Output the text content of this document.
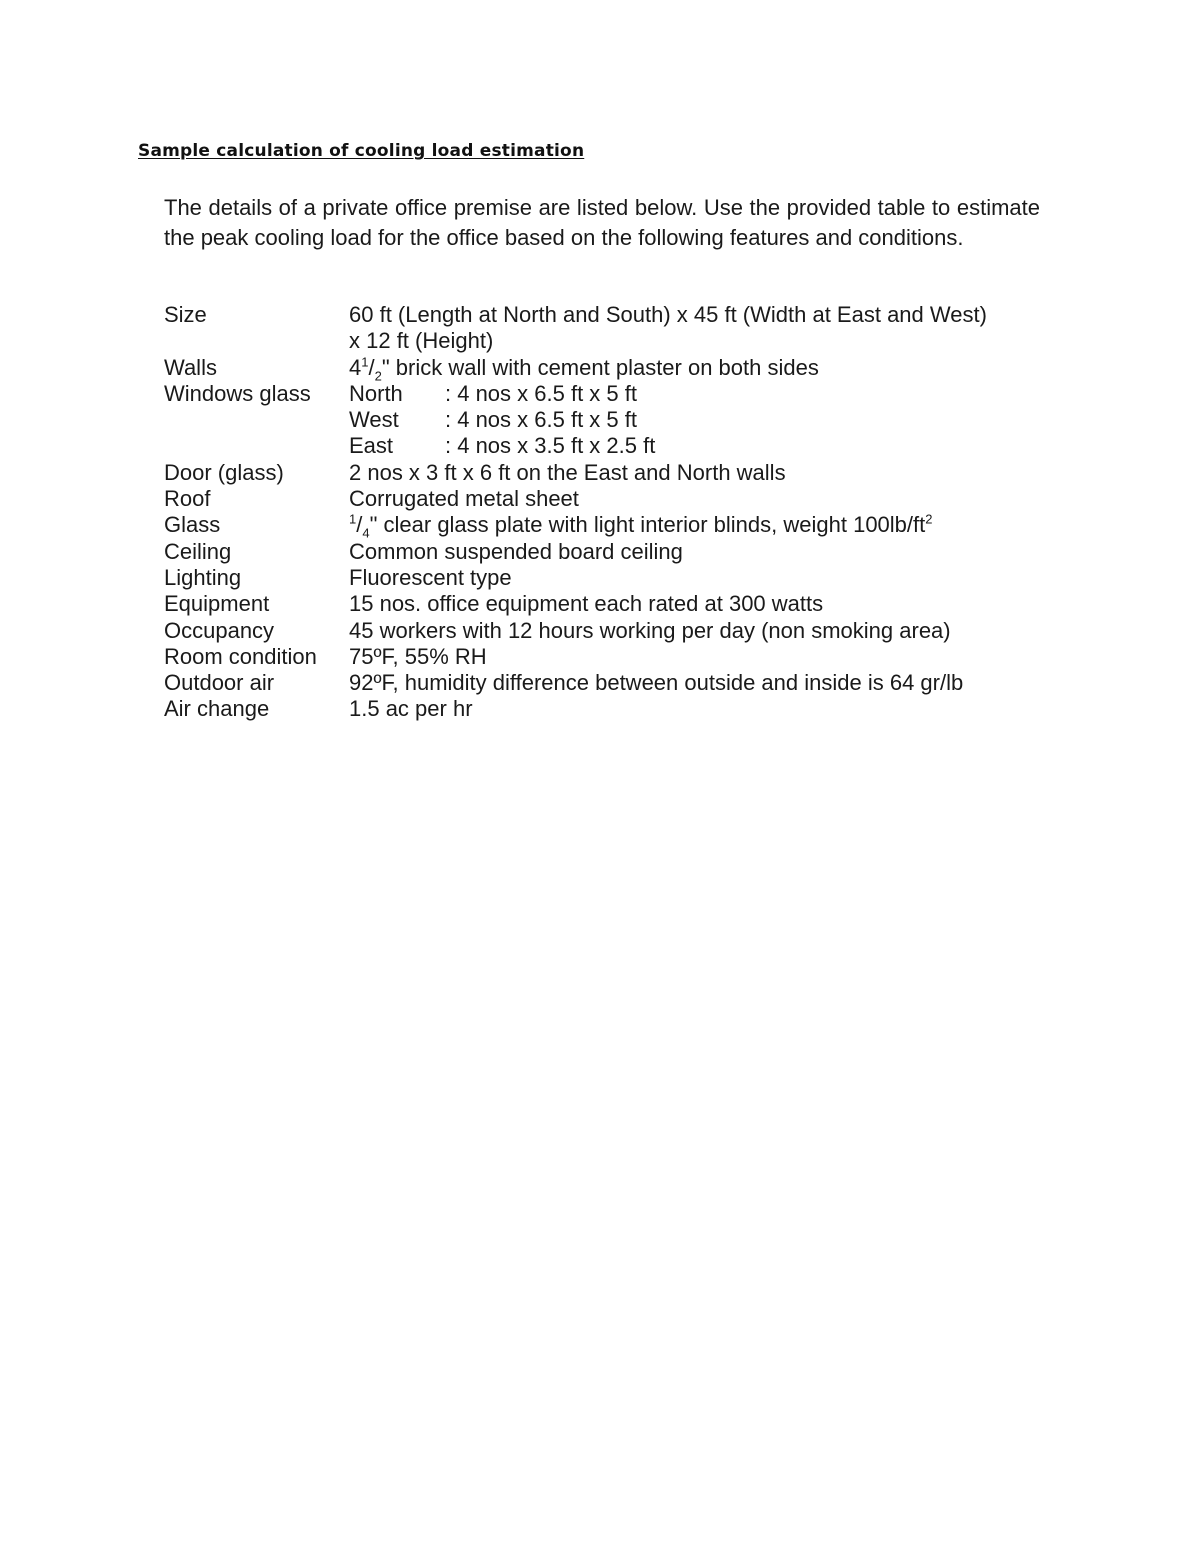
Sample calculation of cooling load estimation

The details of a private office premise are listed below. Use the provided table to estimate the peak cooling load for the office based on the following features and conditions.

Size	60 ft (Length at North and South) x 45 ft (Width at East and West)
x 12 ft (Height)
Walls	$4^1/_2$" brick wall with cement plaster on both sides
Windows glass	North	: 4 nos x 6.5 ft x 5 ft
West	: 4 nos x 6.5 ft x 5 ft
East	: 4 nos x 3.5 ft x 2.5 ft
Door (glass)	2 nos x 3 ft x 6 ft on the East and North walls
Roof	Corrugated metal sheet
Glass	$^1/_4$" clear glass plate with light interior blinds, weight $100lb/ft^2$
Ceiling	Common suspended board ceiling
Lighting	Fluorescent type
Equipment	15 nos. office equipment each rated at 300 watts
Occupancy	45 workers with 12 hours working per day (non smoking area)
Room condition	75ºF, 55% RH
Outdoor air	92ºF, humidity difference between outside and inside is 64 gr/lb
Air change	1.5 ac per hr
